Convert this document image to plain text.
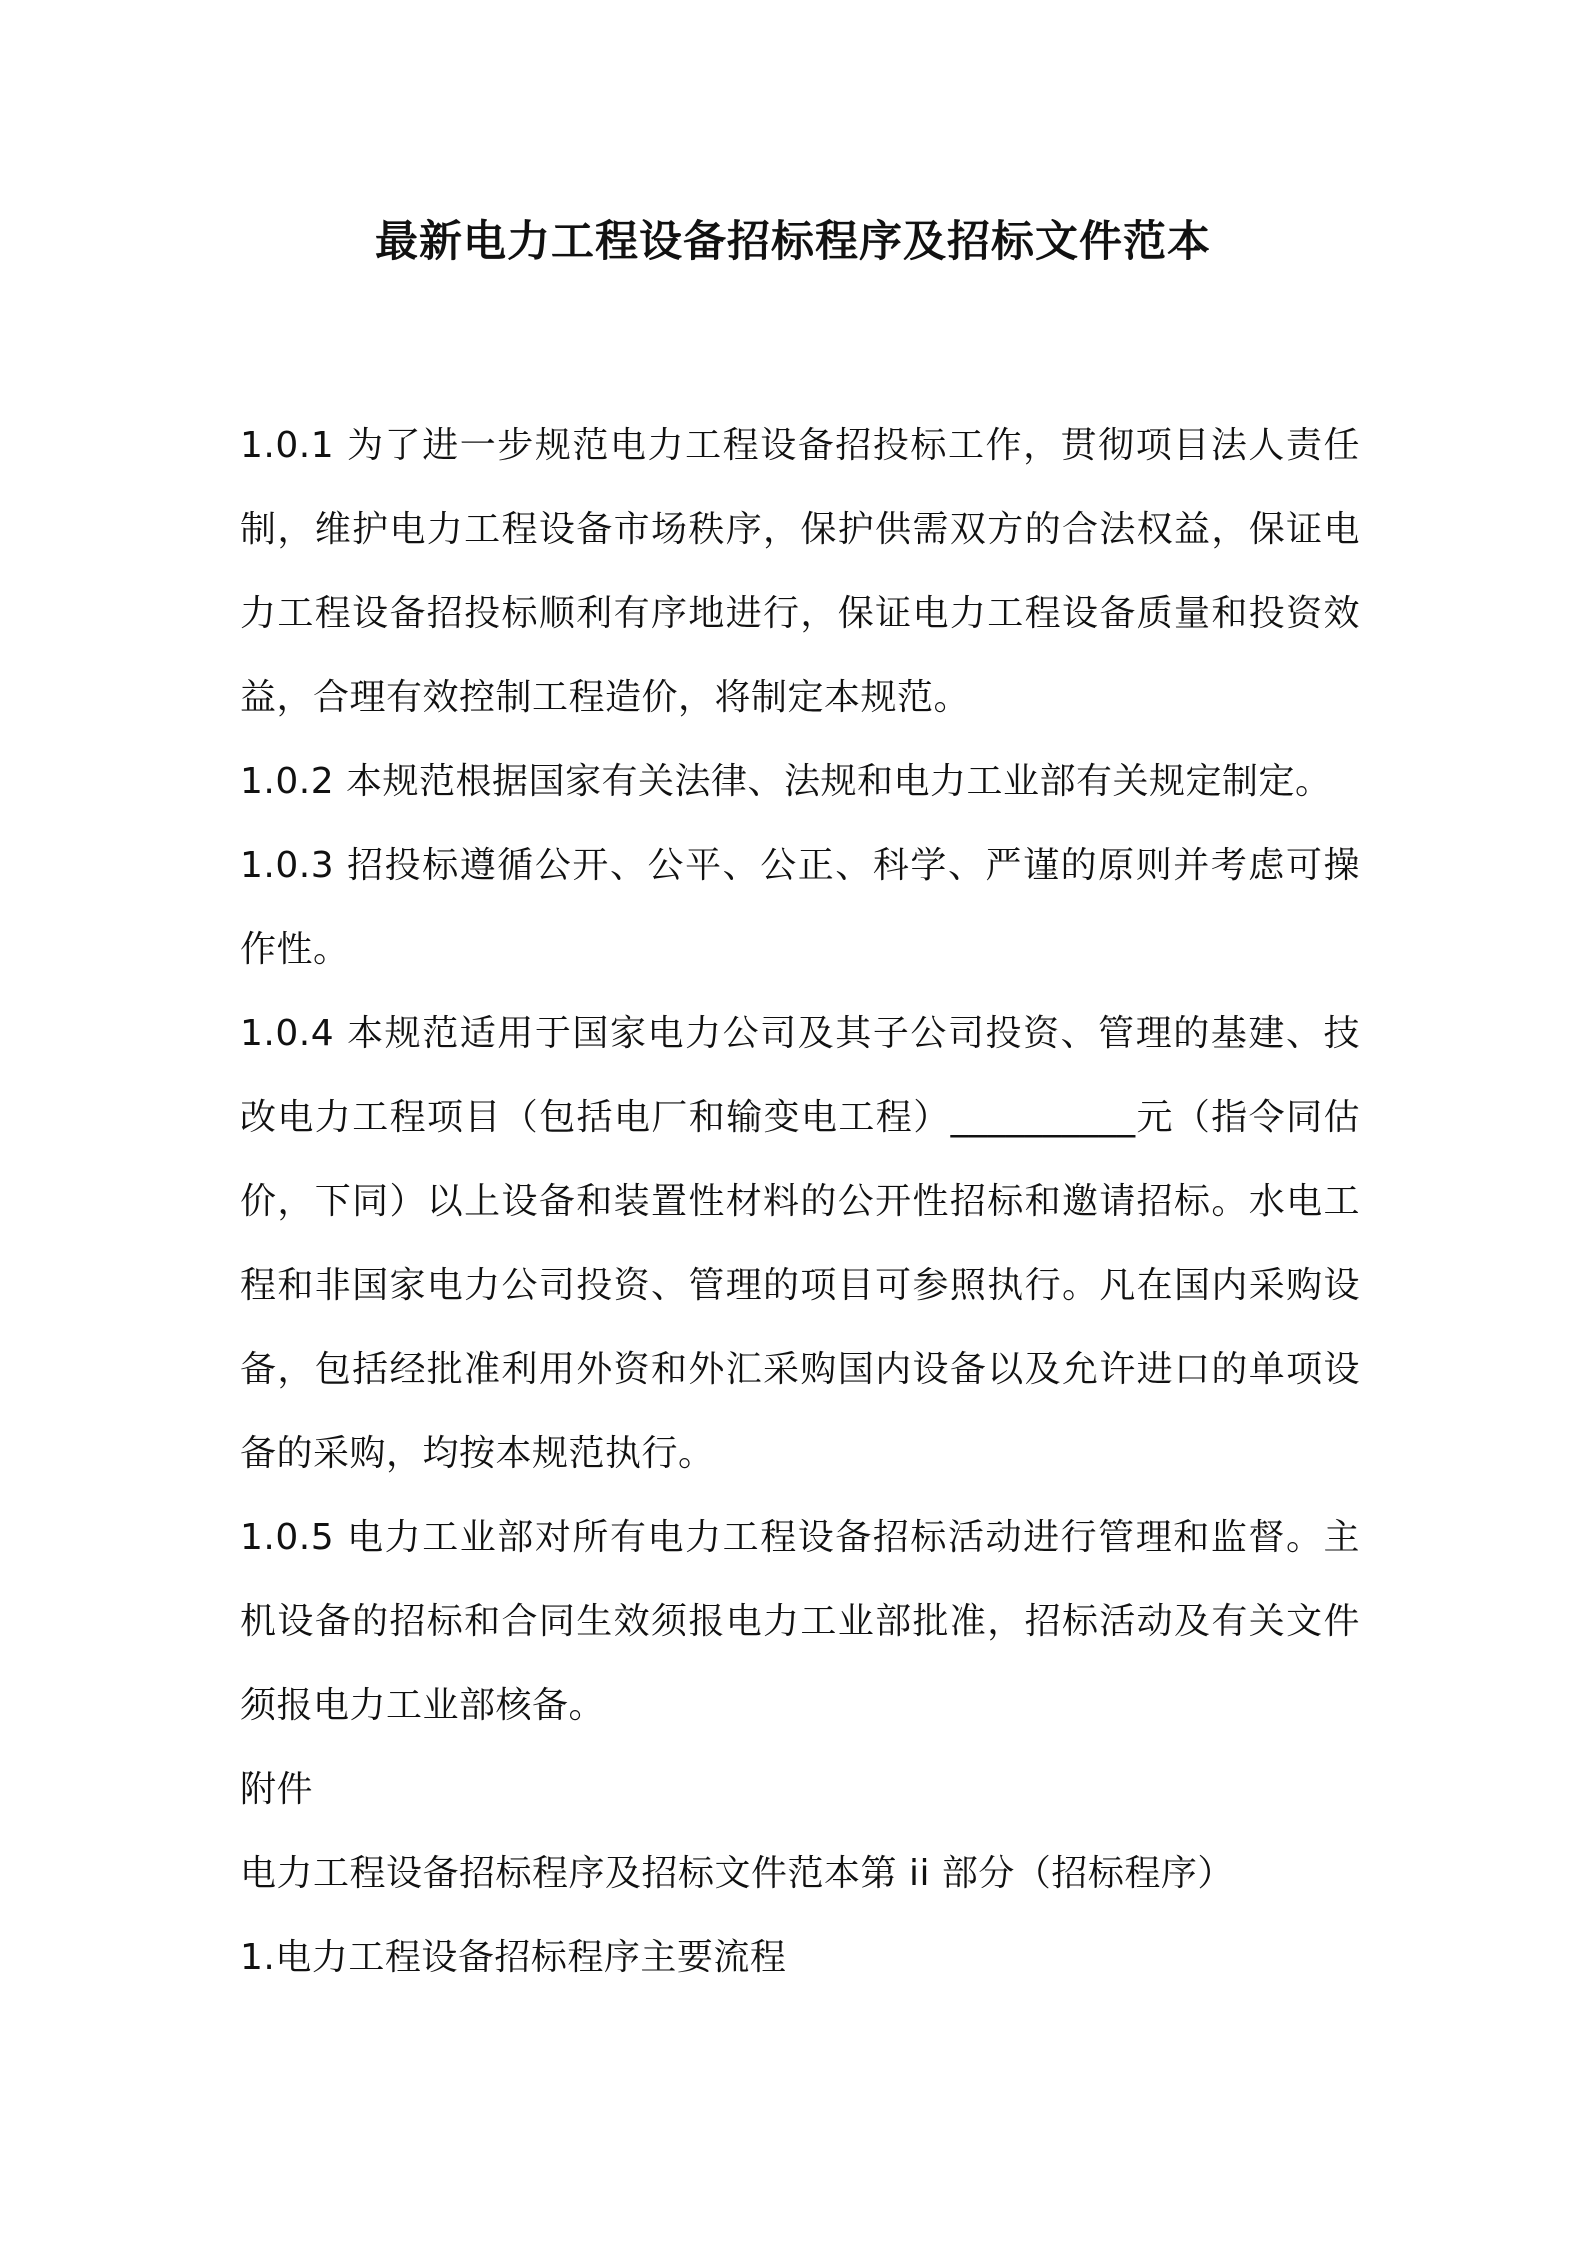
最新电力工程设备招标程序及招标文件范本

1.0.1 为了进一步规范电力工程设备招投标工作，贯彻项目法人责任制，维护电力工程设备市场秩序，保护供需双方的合法权益，保证电力工程设备招投标顺利有序地进行，保证电力工程设备质量和投资效益，合理有效控制工程造价，将制定本规范。

1.0.2 本规范根据国家有关法律、法规和电力工业部有关规定制定。

1.0.3 招投标遵循公开、公平、公正、科学、严谨的原则并考虑可操作性。

1.0.4 本规范适用于国家电力公司及其子公司投资、管理的基建、技改电力工程项目（包括电厂和输变电工程）__________元（指令同估价，下同）以上设备和装置性材料的公开性招标和邀请招标。水电工程和非国家电力公司投资、管理的项目可参照执行。凡在国内采购设备，包括经批准利用外资和外汇采购国内设备以及允许进口的单项设备的采购，均按本规范执行。

1.0.5 电力工业部对所有电力工程设备招标活动进行管理和监督。主机设备的招标和合同生效须报电力工业部批准，招标活动及有关文件须报电力工业部核备。

附件

电力工程设备招标程序及招标文件范本第 ii 部分（招标程序）

1.电力工程设备招标程序主要流程
